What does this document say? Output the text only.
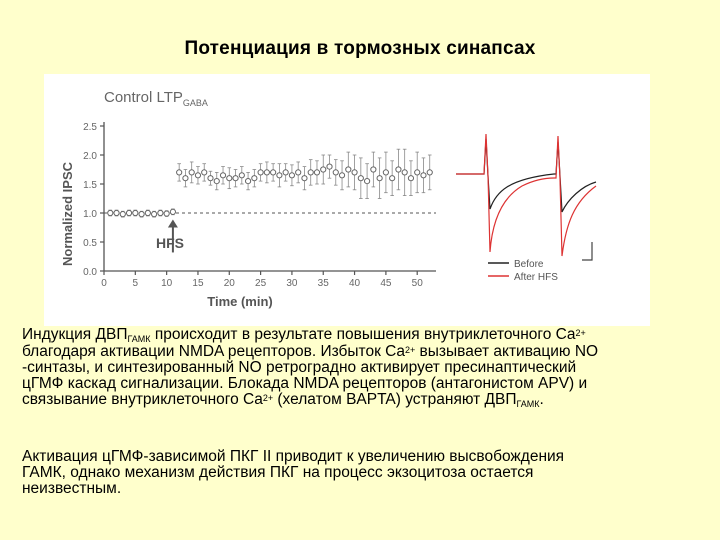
Потенциация в тормозных синапсах
0.0
0.5
1.0
1.5
2.0
2.5
0	5 10 15 20 25 30 35 40 45 50
Control $LTP_{GABA}$
Time (min)
Normalized IPSC	HFS
Before
After HFS
Индукция $ДВП_{ГАМК}$ происходит в результате повышения внутриклеточного $Ca^{2+}$
благодаря активации NMDA рецепторов. Избыток $Ca^{2+}$ вызывает активацию NO
-синтазы, и синтезированный NO ретроградно активирует пресинаптический
цГМФ каскад сигнализации. Блокада NMDA рецепторов (антагонистом APV) и
связывание внутриклеточного $Ca^{2+}$ (хелатом BAPTA) устраняют $ДВП_{ГАМК}$.
Активация цГМФ-зависимой ПКГ II приводит к увеличению высвобождения
ГАМК, однако механизм действия ПКГ на процесс экзоцитоза остается
неизвестным.
